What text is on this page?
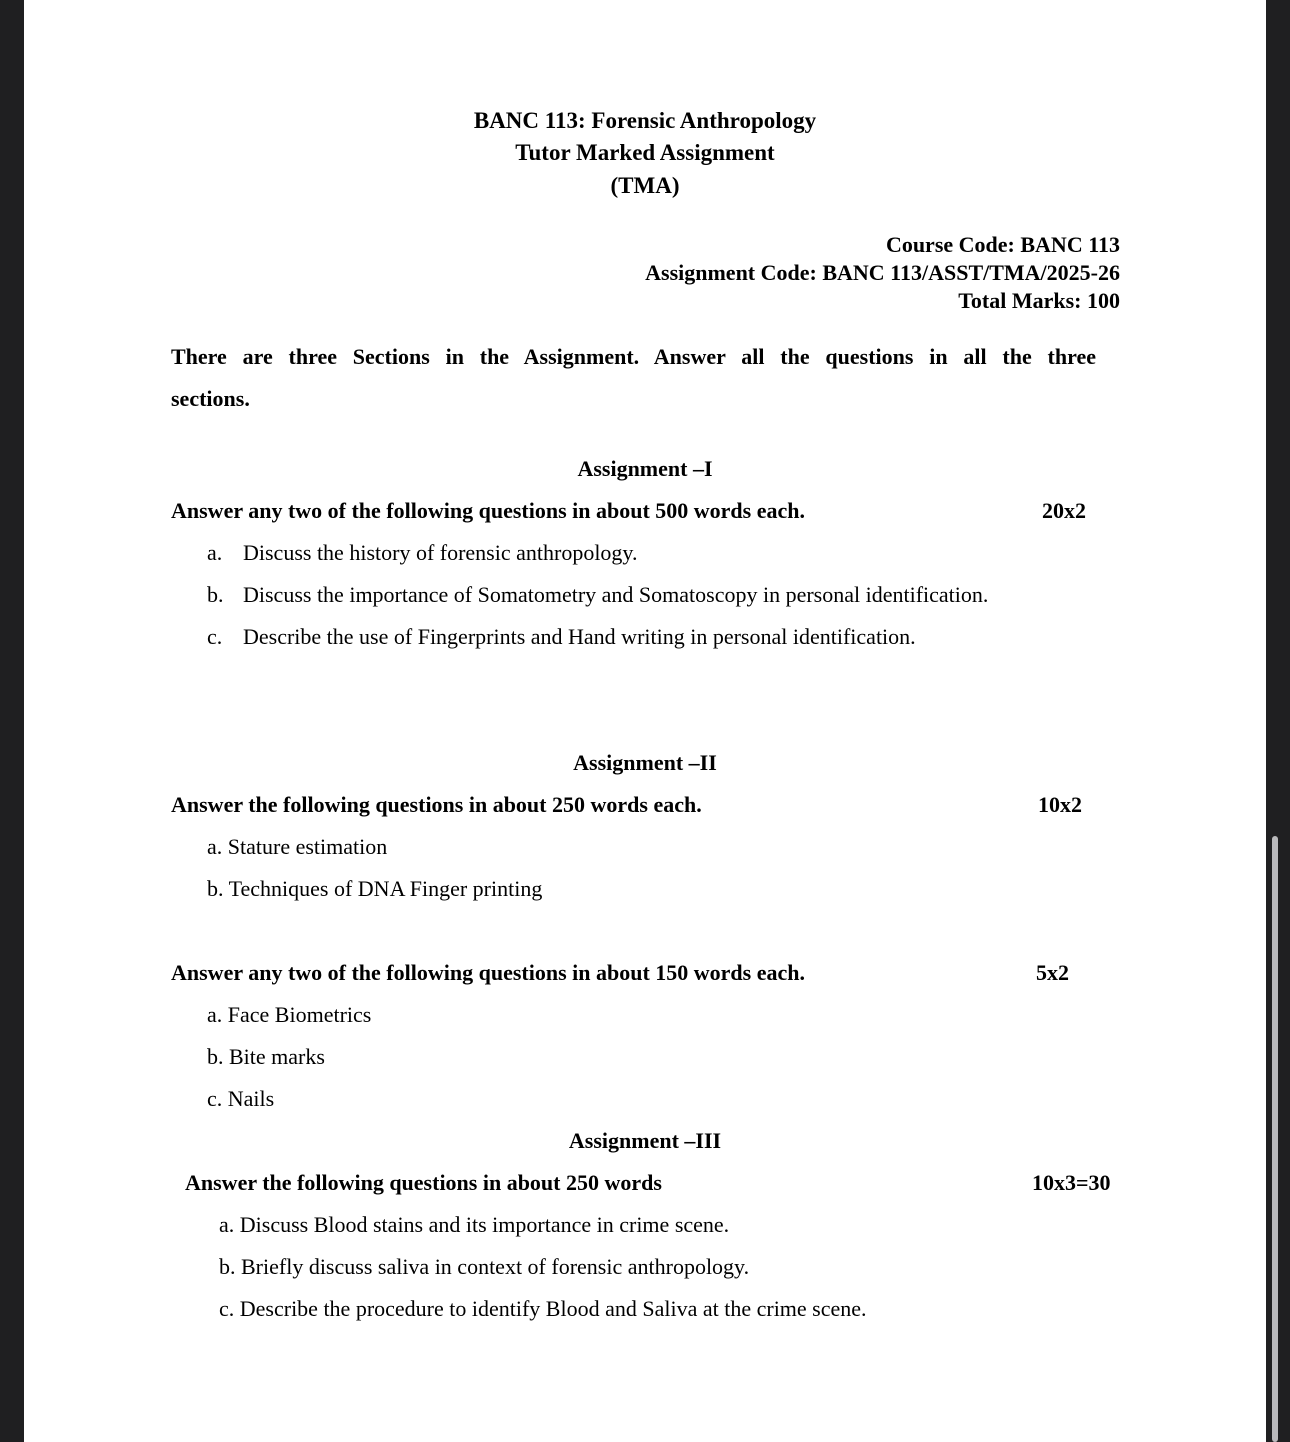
BANC 113: Forensic Anthropology
Tutor Marked Assignment
(TMA)
Course Code: BANC 113
Assignment Code: BANC 113/ASST/TMA/2025-26
Total Marks: 100
There are three Sections in the Assignment. Answer all the questions in all the three
sections.
Assignment –I
Answer any two of the following questions in about 500 words each.	20x2
a. Discuss the history of forensic anthropology.
b. Discuss the importance of Somatometry and Somatoscopy in personal identification.
c. Describe the use of Fingerprints and Hand writing in personal identification.
Assignment –II
Answer the following questions in about 250 words each.	10x2
a. Stature estimation
b. Techniques of DNA Finger printing
Answer any two of the following questions in about 150 words each.	5x2
a. Face Biometrics
b. Bite marks
c. Nails
Assignment –III
Answer the following questions in about 250 words	10x3=30
a. Discuss Blood stains and its importance in crime scene.
b. Briefly discuss saliva in context of forensic anthropology.
c. Describe the procedure to identify Blood and Saliva at the crime scene.
